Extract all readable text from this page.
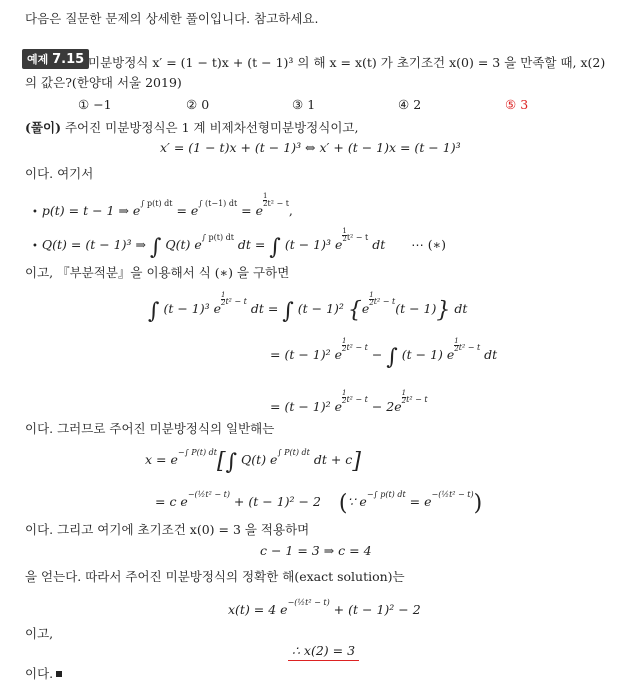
다음은 질문한 문제의 상세한 풀이입니다. 참고하세요.
예제 7.15 미분방정식 x′ = (1 − t)x + (t − 1)³ 의 해 x = x(t) 가 초기조건 x(0) = 3 을 만족할 때, x(2)
의 값은?(한양대 서울 2019)
① −1	② 0	③ 1	④ 2	⑤ 3
(풀이) 주어진 미분방정식은 1 계 비제차선형미분방정식이고,
x′ = (1 − t)x + (t − 1)³ ⇔ x′ + (t − 1)x = (t − 1)³
이다. 여기서
• p(t) = t − 1 ⇒ $e^{\int p(t) dt} = e^{\int (t-1) dt} = e$
$\frac{1}{2} ^{t^2 - t}$,
• Q(t) = (t − 1)³ ⇒ ∫ Q(t) $e^{\int p(t) dt}$ dt = ∫ (t − 1)³ e
$\frac{1}{2} ^{t^2 - t}$ dt ⋯ (∗)
이고, 『부분적분』을 이용해서 식 (∗) 을 구하면
∫ (t − 1)³ e
$\frac{1}{2} ^{t^2 - t}$ dt = ∫ (t − 1)² {e
$\frac{1}{2} ^{t^2 - t}(t - 1)$} dt
= (t − 1)² e
$\frac{1}{2} ^{t^2 - t}$ − ∫ (t − 1) e
$\frac{1}{2} ^{t^2 - t}$ dt
= (t − 1)² e
$\frac{1}{2} ^{t^2 - t} - 2e$
$\frac{1}{2} ^{t^2 - t}$
이다. 그러므로 주어진 미분방정식의 일반해는
$x = e^{-\int P(t) dt}[\int$ Q(t) $e^{\int P(t) dt}$ dt + c]
= c $e^{-(\frac{1}{2}t^2 - t)} + (t - 1)^2 - 2$ (∵ $e^{-\int p(t) dt} = e^{-(\frac{1}{2}t^2 - t)}$)
이다. 그리고 여기에 초기조건 x(0) = 3 을 적용하며
c − 1 = 3 ⇒ c = 4
을 얻는다. 따라서 주어진 미분방정식의 정확한 해(exact solution)는
x(t) = 4 $e^{-(\frac{1}{2}t^2 - t)} + (t - 1)^2 - 2$
이고,
∴ x(2) = 3
이다.
